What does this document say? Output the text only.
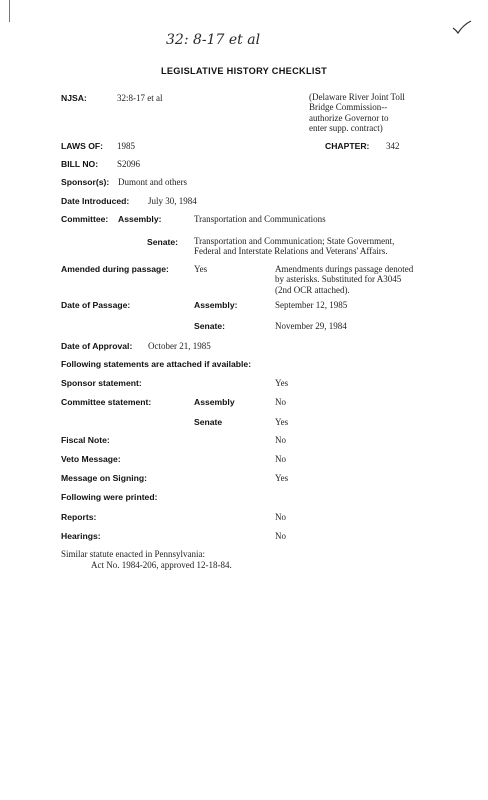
32: 8-17 et al
LEGISLATIVE HISTORY CHECKLIST
NJSA:	32:8-17 et al	(Delaware River Joint Toll
Bridge Commission--
authorize Governor to
enter supp. contract)
LAWS OF: 1985	CHAPTER: 342
BILL NO: S2096
Sponsor(s): Dumont and others
Date Introduced: July 30, 1984
Committee: Assembly:	Transportation and Communications
Senate: Transportation and Communication; State Government,
Federal and Interstate Relations and Veterans' Affairs.
Amended during passage:	Yes	Amendments durings passage denoted
by asterisks. Substituted for A3045
(2nd OCR attached).
Date of Passage:	Assembly:	September 12, 1985
Senate:	November 29, 1984
Date of Approval: October 21, 1985
Following statements are attached if available:
Sponsor statement:	Yes
Committee statement:	Assembly	No
Senate	Yes
Fiscal Note:	No
Veto Message:	No
Message on Signing:	Yes
Following were printed:
Reports:	No
Hearings:	No
Similar statute enacted in Pennsylvania:
Act No. 1984-206, approved 12-18-84.
